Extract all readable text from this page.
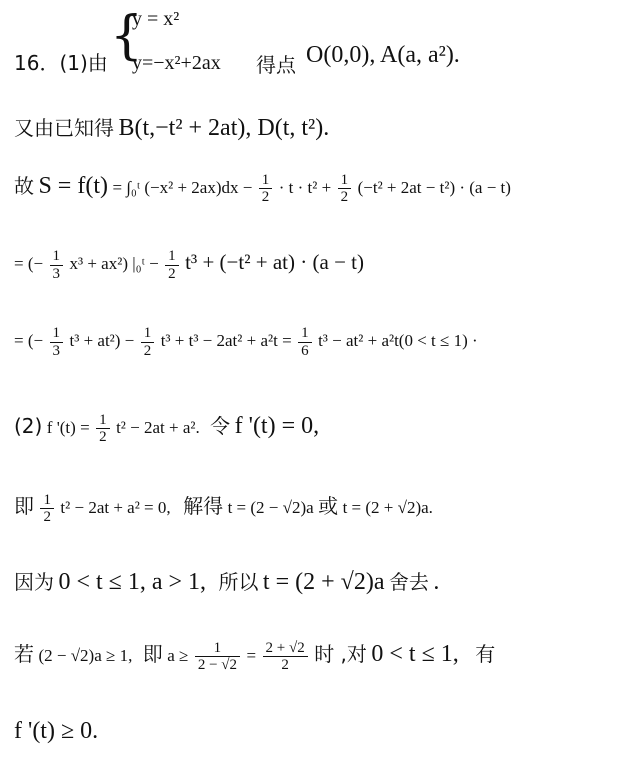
16．(1)由 {
y = x²
y=−x²+2ax 得点 O(0,0), A(a, a²).
又由已知得 B(t,−t² + 2at), D(t, t²).
故 S = f(t) = ∫₀ᵗ $(-x^2 + 2ax)dx - \frac{1}{2} \cdot t \cdot t^2 + \frac{1}{2} (-t^2 + 2at - t^2) \cdot (a - t)$
= (− $\frac{1}{3} x^3 + ax^2$) |₀ᵗ − $\frac{1}{2} t^3 + (-t^2 + at) \cdot (a - t)$
= (− $\frac{1}{3} t^3 + at^2) - \frac{1}{2} t^3 + t^3 - 2at^2 + a^2t = \frac{1}{6} t^3 - at^2 + a^2t(0 < t \le 1)$ ·
(2) f '$(t) = \frac{1}{2} t^2 - 2at + a^2$. 令 f '(t) = 0,
即 $\frac{1}{2} t^2 - 2at + a^2 = 0$, 解得 t = (2 − √2)a 或 t = (2 + √2)a.
因为 0 < t ≤ 1, a > 1, 所以 t = (2 + √2)a 舍去 .
若 (2 − √2)a ≥ 1, 即 $a \ge \frac{1}{2 - √2} = \frac{2 + √2}{2}$ 时 ,对 0 < t ≤ 1, 有
f '(t) ≥ 0.
